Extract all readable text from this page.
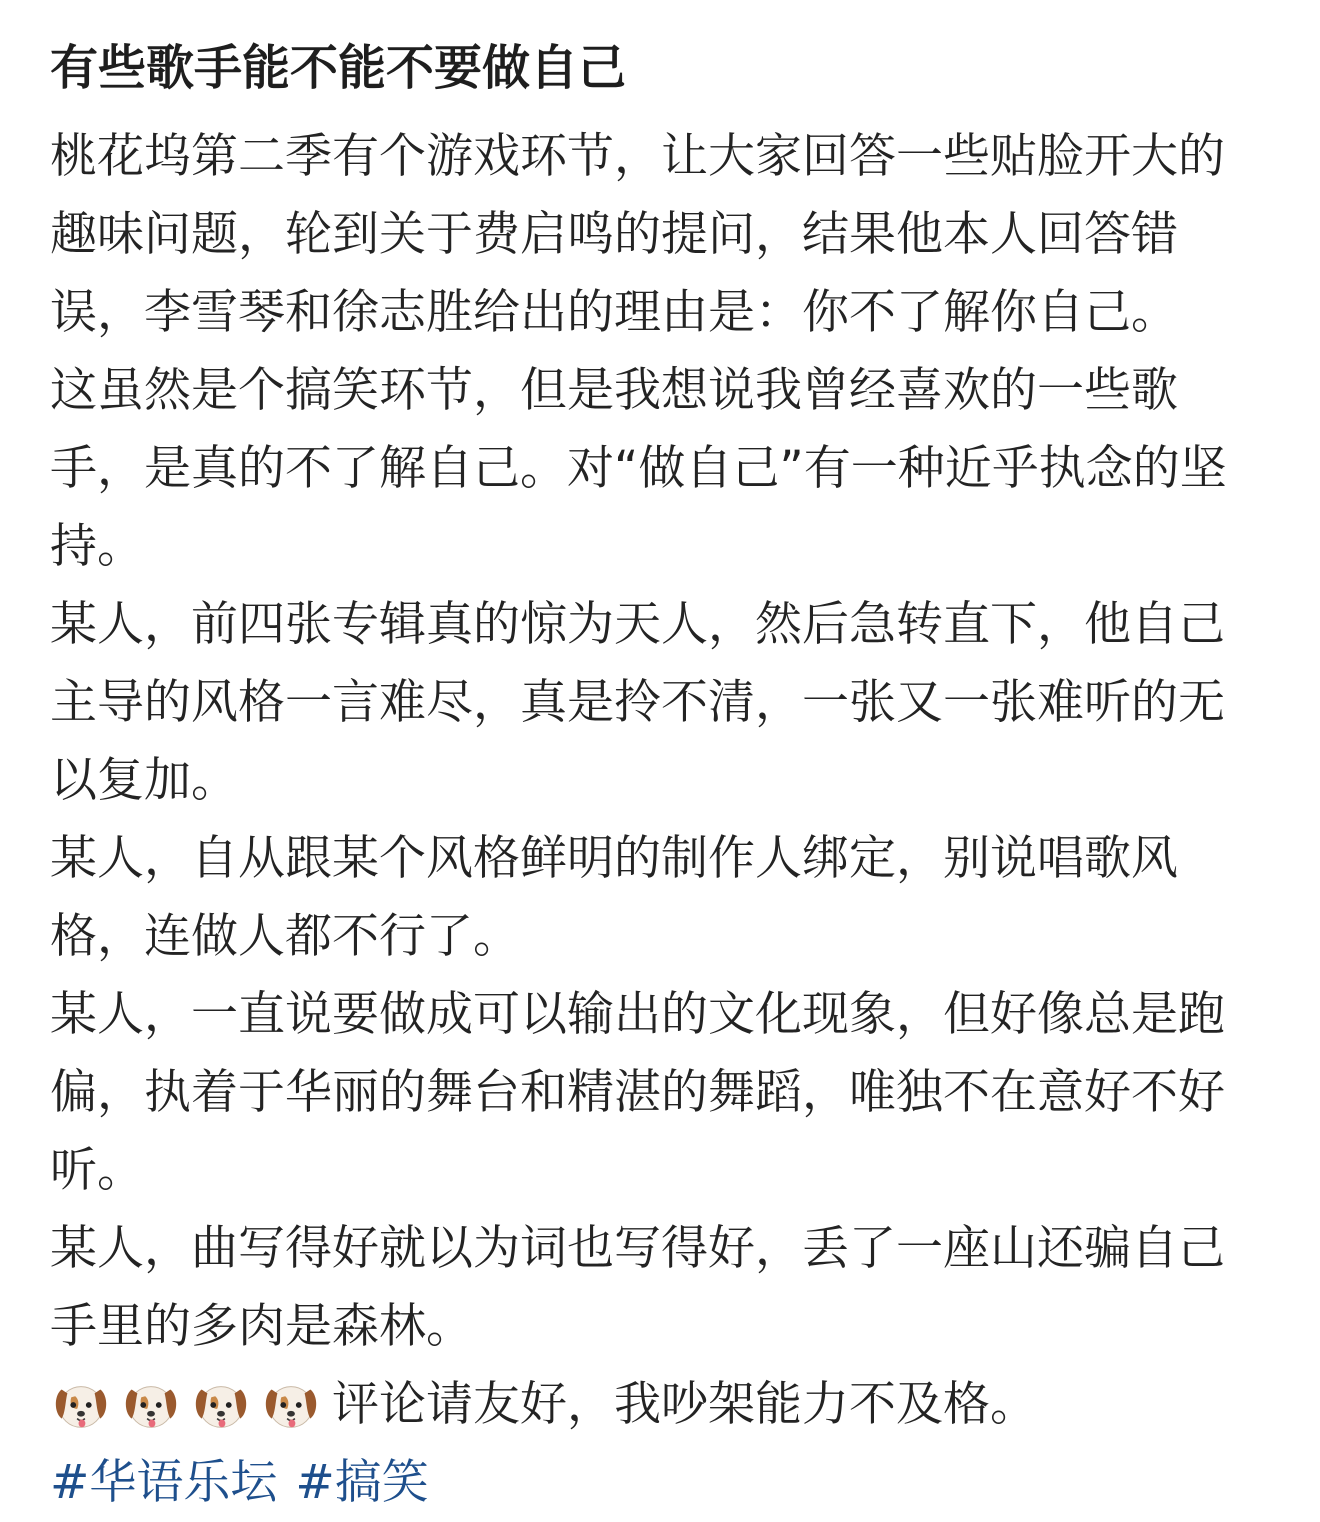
有些歌手能不能不要做自己

桃花坞第二季有个游戏环节，让大家回答一些贴脸开大的趣味问题，轮到关于费启鸣的提问，结果他本人回答错误，李雪琴和徐志胜给出的理由是：你不了解你自己。

这虽然是个搞笑环节，但是我想说我曾经喜欢的一些歌手，是真的不了解自己。对“做自己”有一种近乎执念的坚持。

某人，前四张专辑真的惊为天人，然后急转直下，他自己主导的风格一言难尽，真是拎不清，一张又一张难听的无以复加。

某人，自从跟某个风格鲜明的制作人绑定，别说唱歌风格，连做人都不行了。

某人，一直说要做成可以输出的文化现象，但好像总是跑偏，执着于华丽的舞台和精湛的舞蹈，唯独不在意好不好听。

某人，曲写得好就以为词也写得好，丢了一座山还骗自己手里的多肉是森林。

评论请友好，我吵架能力不及格。
#华语乐坛 #搞笑
